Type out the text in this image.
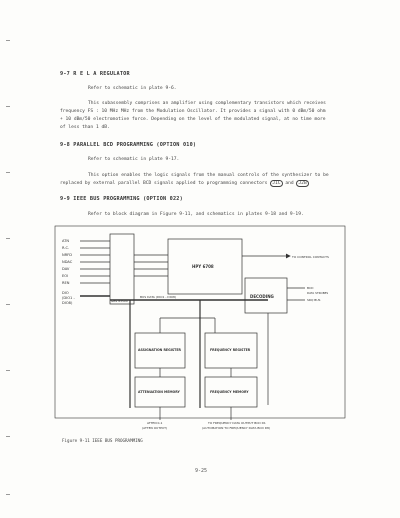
9-7 R E L A REGULATOR
Refer to schematic in plate 9-6.
This subassembly comprises an amplifier using complementary transistors which receives
frequency FS : 10 MHz MHz from the Modulation Oscillator. It provides a signal with 0 dBm/50 ohm
+ 10 dBm/50 electromotive force. Depending on the level of the modulated signal, at no time more
of less than 1 dB.
9-8 PARALLEL BCD PROGRAMMING (OPTION 010)
Refer to schematic in plate 9-17.
This option enables the logic signals from the manual controls of the synthesizer to be
replaced by external parallel BCD signals applied to programming connectors J1C and J2B
9-9 IEEE BUS PROGRAMMING (OPTION 022)
Refer to block diagram in Figure 9-11, and schematics in plates 9-18 and 9-19.
ATN
R.C.
NRFD
NDAC
DAV
EOI
REN
DIO
(DIO1 -
DIO8)	GBS 83500
HPY 6708
TO CONTROL CONTACTS
BUS DATA (DIO1 - DIO8)	DECODING
BCD
DATA STROBES
SRQ BUS
ASSIGNATION REGISTER
ATTENUATION MEMORY
ATTEN 0-1
(ATTEN OUTPUT)
FREQUENCY REGISTER
FREQUENCY MEMORY
TO FREQUENCY DATA OUTPUT BCD D1
(AUTOMATION TO FREQUENCY DATA BCD D8)
Figure 9-11 IEEE BUS PROGRAMMING
9-25
